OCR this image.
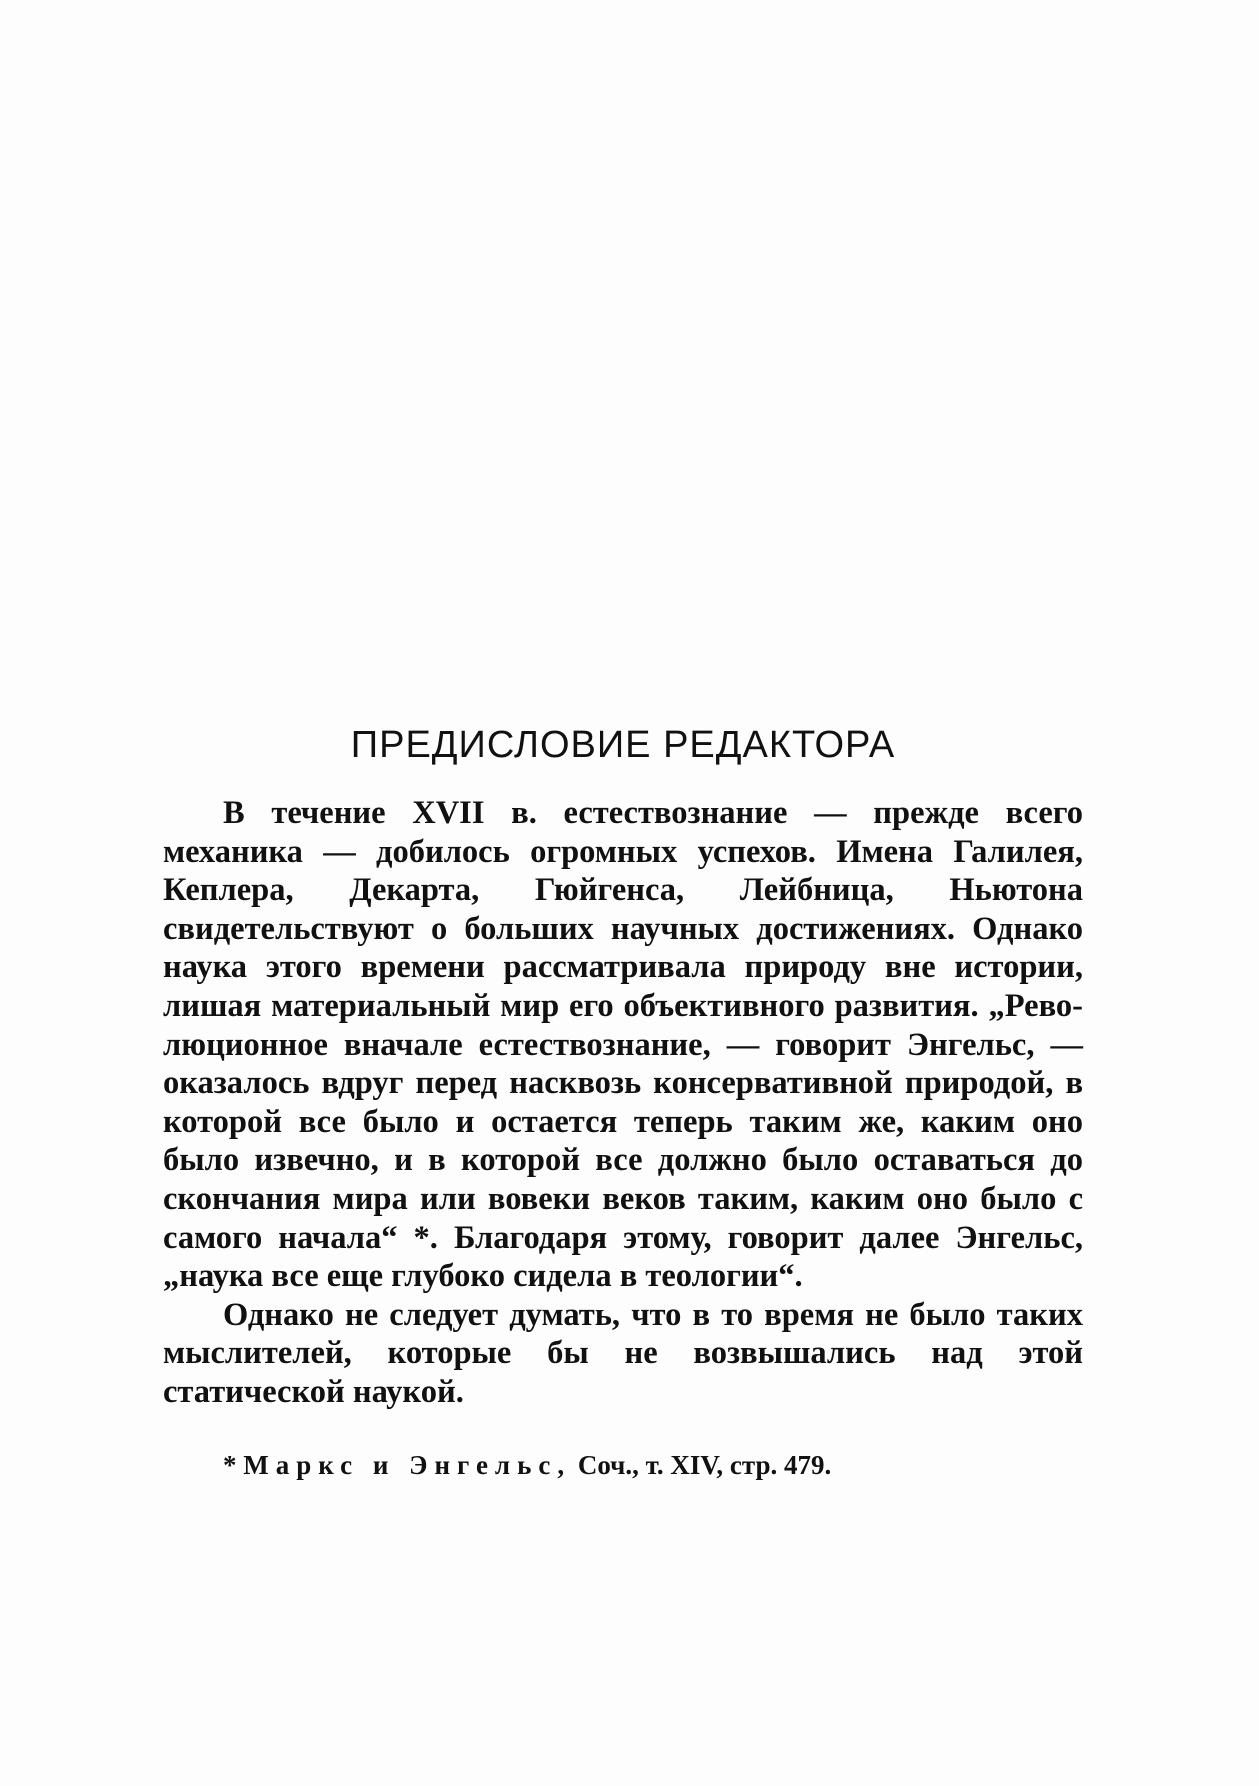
ПРЕДИСЛОВИЕ РЕДАКТОРА

В течение XVII в. естествознание — прежде всего механика — добилось огромных успехов. Имена Галилея, Кеплера, Декарта, Гюйгенса, Лейбница, Ньютона свидетельствуют о больших научных достижениях. Однако наука этого времени рассматривала природу вне истории, лишая материальный мир его объективного развития. „Революционное вначале естествознание, — говорит Энгельс, — оказалось вдруг перед насквозь консервативной природой, в которой все было и остается теперь таким же, каким оно было извечно, и в которой все должно было оставаться до скончания мира или вовеки веков таким, каким оно было с самого начала“ *. Благодаря этому, говорит далее Энгельс, „наука все еще глубоко сидела в теологии“.

Однако не следует думать, что в то время не было таких мыслителей, которые бы не возвышались над этой статической наукой.

* Маркс и Энгельс, Соч., т. XIV, стр. 479.
